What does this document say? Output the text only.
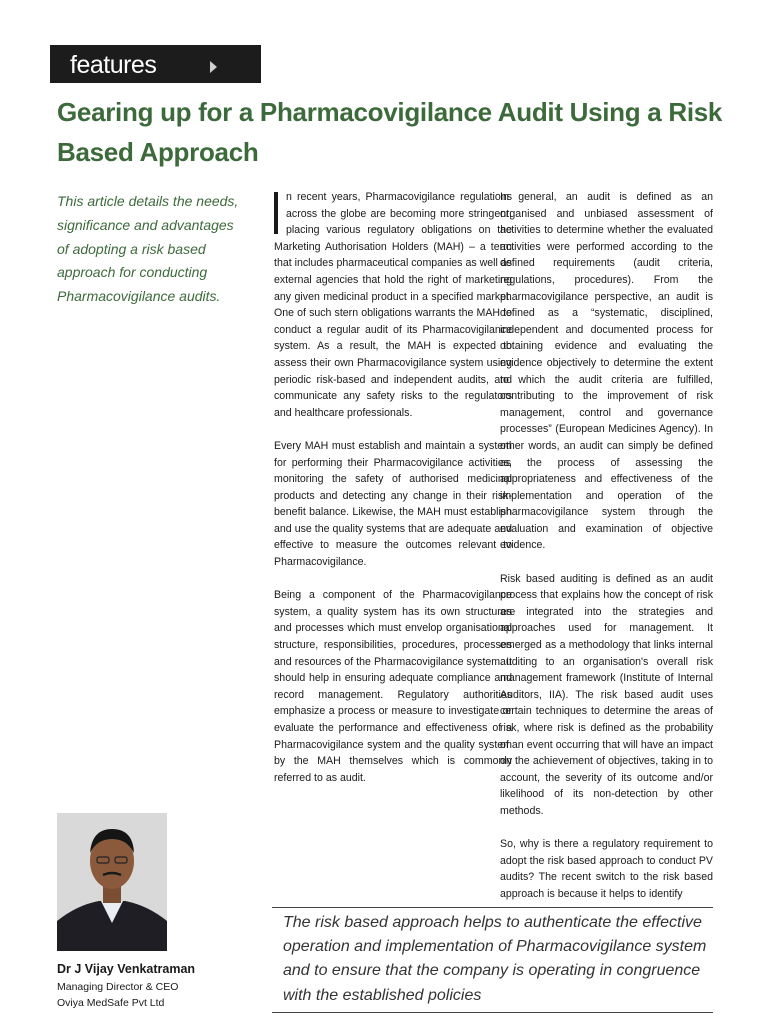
features
Gearing up for a Pharmacovigilance Audit Using a Risk Based Approach

This article details the needs, significance and advantages of adopting a risk based approach for conducting Pharmacovigilance audits.

n recent years, Pharmacovigilance regulations across the globe are becoming more stringent, placing various regulatory obligations on the Marketing Authorisation Holders (MAH) – a term that includes pharmaceutical companies as well as external agencies that hold the right of marketing any given medicinal product in a specified market. One of such stern obligations warrants the MAH to conduct a regular audit of its Pharmacovigilance system. As a result, the MAH is expected to assess their own Pharmacovigilance system using periodic risk-based and independent audits, and communicate any safety risks to the regulators and healthcare professionals.

Every MAH must establish and maintain a system for performing their Pharmacovigilance activities, monitoring the safety of authorised medicinal products and detecting any change in their risk-benefit balance. Likewise, the MAH must establish and use the quality systems that are adequate and effective to measure the outcomes relevant to Pharmacovigilance.

Being a component of the Pharmacovigilance system, a quality system has its own structures and processes which must envelop organisational structure, responsibilities, procedures, processes and resources of the Pharmacovigilance system. It should help in ensuring adequate compliance and record management. Regulatory authorities emphasize a process or measure to investigate or evaluate the performance and effectiveness of a Pharmacovigilance system and the quality system by the MAH themselves which is commonly referred to as audit.

In general, an audit is defined as an organised and unbiased assessment of activities to determine whether the evaluated activities were performed according to the defined requirements (audit criteria, regulations, procedures). From the pharmacovigilance perspective, an audit is defined as a “systematic, disciplined, independent and documented process for obtaining evidence and evaluating the evidence objectively to determine the extent to which the audit criteria are fulfilled, contributing to the improvement of risk management, control and governance processes” (European Medicines Agency). In other words, an audit can simply be defined as the process of assessing the appropriateness and effectiveness of the implementation and operation of the pharmacovigilance system through the evaluation and examination of objective evidence.

Risk based auditing is defined as an audit process that explains how the concept of risk are integrated into the strategies and approaches used for management. It emerged as a methodology that links internal auditing to an organisation's overall risk management framework (Institute of Internal Auditors, IIA). The risk based audit uses certain techniques to determine the areas of risk, where risk is defined as the probability of an event occurring that will have an impact on the achievement of objectives, taking in to account, the severity of its outcome and/or likelihood of its non-detection by other methods.

So, why is there a regulatory requirement to adopt the risk based approach to conduct PV audits? The recent switch to the risk based approach is because it helps to identify

Dr J Vijay Venkatraman
Managing Director & CEO
Oviya MedSafe Pvt Ltd

The risk based approach helps to authenticate the effective operation and implementation of Pharmacovigilance system and to ensure that the company is operating in congruence with the established policies
